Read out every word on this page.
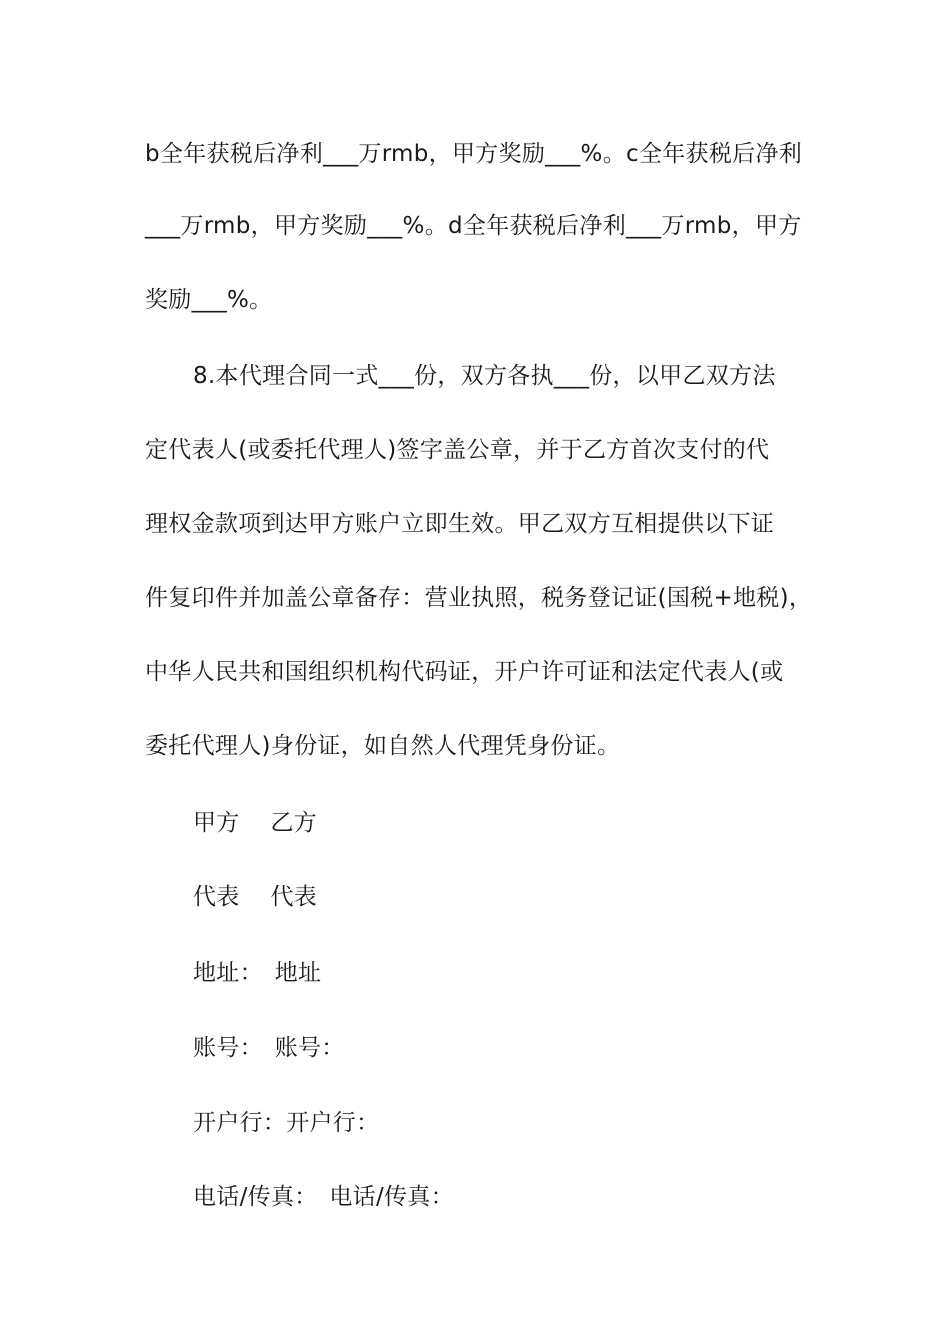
b全年获税后净利___万rmb，甲方奖励___%。c全年获税后净利
___万rmb，甲方奖励___%。d全年获税后净利___万rmb，甲方
奖励___%。
8.本代理合同一式___份，双方各执___份，以甲乙双方法
定代表人(或委托代理人)签字盖公章，并于乙方首次支付的代
理权金款项到达甲方账户立即生效。甲乙双方互相提供以下证
件复印件并加盖公章备存：营业执照，税务登记证(国税+地税)，
中华人民共和国组织机构代码证，开户许可证和法定代表人(或
委托代理人)身份证，如自然人代理凭身份证。
甲方　 乙方
代表　 代表
地址：　地址
账号：　账号：
开户行：开户行：
电话/传真：　电话/传真：
